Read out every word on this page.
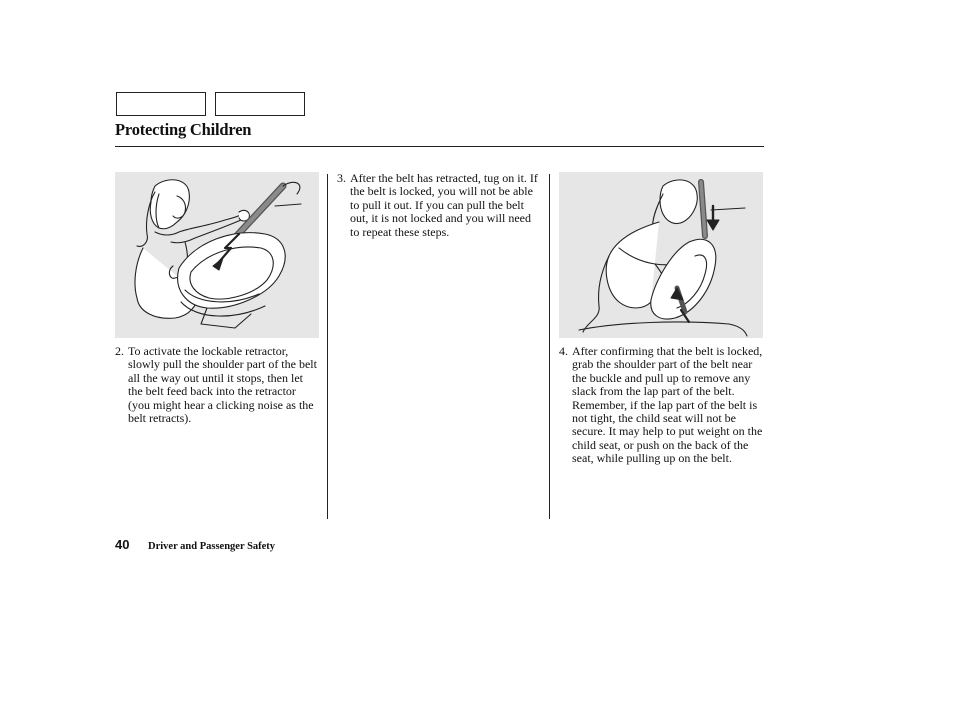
Protecting Children

2. To activate the lockable retractor, slowly pull the shoulder part of the belt all the way out until it stops, then let the belt feed back into the retractor (you might hear a clicking noise as the belt retracts).

3. After the belt has retracted, tug on it. If the belt is locked, you will not be able to pull it out. If you can pull the belt out, it is not locked and you will need to repeat these steps.

4. After confirming that the belt is locked, grab the shoulder part of the belt near the buckle and pull up to remove any slack from the lap part of the belt. Remember, if the lap part of the belt is not tight, the child seat will not be secure. It may help to put weight on the child seat, or push on the back of the seat, while pulling up on the belt.

40 Driver and Passenger Safety
